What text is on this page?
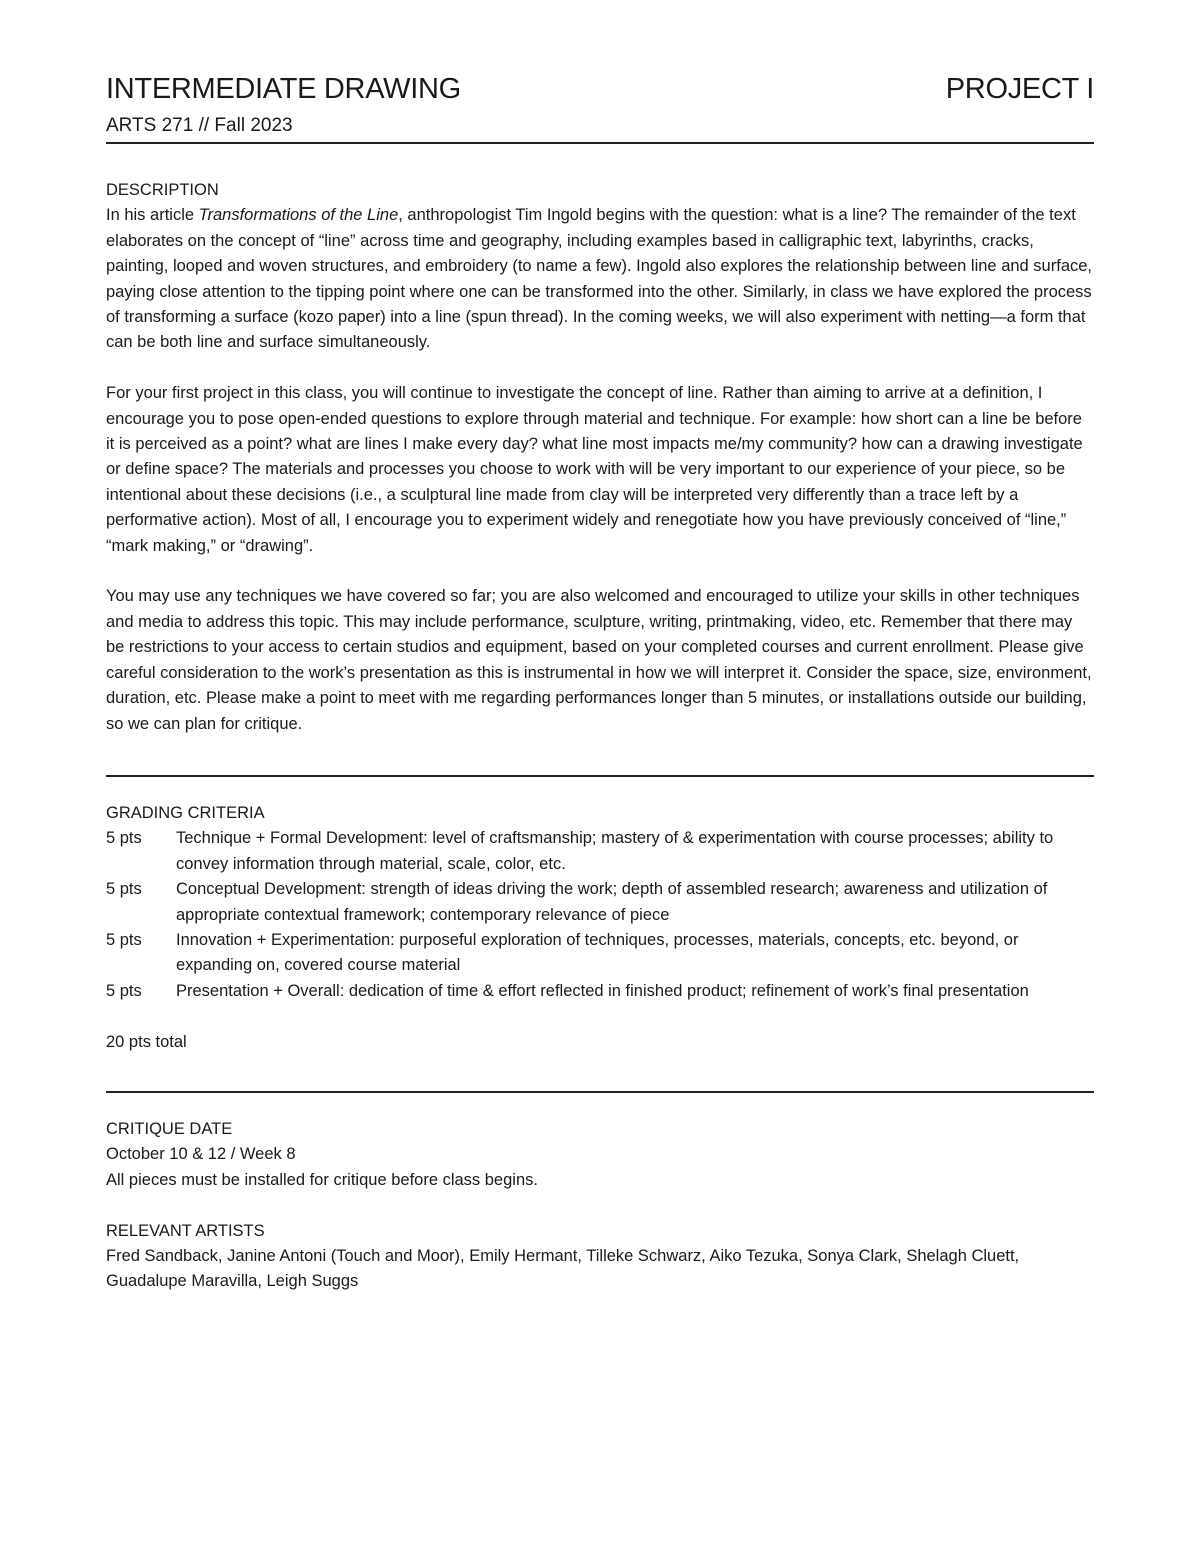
INTERMEDIATE DRAWING	PROJECT I
ARTS 271 // Fall 2023
DESCRIPTION

In his article Transformations of the Line, anthropologist Tim Ingold begins with the question: what is a line? The remainder of the text elaborates on the concept of “line” across time and geography, including examples based in calligraphic text, labyrinths, cracks, painting, looped and woven structures, and embroidery (to name a few). Ingold also explores the relationship between line and surface, paying close attention to the tipping point where one can be transformed into the other. Similarly, in class we have explored the process of transforming a surface (kozo paper) into a line (spun thread). In the coming weeks, we will also experiment with netting—a form that can be both line and surface simultaneously.

For your first project in this class, you will continue to investigate the concept of line. Rather than aiming to arrive at a definition, I encourage you to pose open-ended questions to explore through material and technique. For example: how short can a line be before it is perceived as a point? what are lines I make every day? what line most impacts me/my community? how can a drawing investigate or define space? The materials and processes you choose to work with will be very important to our experience of your piece, so be intentional about these decisions (i.e., a sculptural line made from clay will be interpreted very differently than a trace left by a performative action). Most of all, I encourage you to experiment widely and renegotiate how you have previously conceived of “line,” “mark making,” or “drawing”.

You may use any techniques we have covered so far; you are also welcomed and encouraged to utilize your skills in other techniques and media to address this topic. This may include performance, sculpture, writing, printmaking, video, etc. Remember that there may be restrictions to your access to certain studios and equipment, based on your completed courses and current enrollment. Please give careful consideration to the work’s presentation as this is instrumental in how we will interpret it. Consider the space, size, environment, duration, etc. Please make a point to meet with me regarding performances longer than 5 minutes, or installations outside our building, so we can plan for critique.

GRADING CRITERIA
5 pts	Technique + Formal Development: level of craftsmanship; mastery of & experimentation with course processes; ability to convey information through material, scale, color, etc.
5 pts	Conceptual Development: strength of ideas driving the work; depth of assembled research; awareness and utilization of appropriate contextual framework; contemporary relevance of piece
5 pts	Innovation + Experimentation: purposeful exploration of techniques, processes, materials, concepts, etc. beyond, or expanding on, covered course material
5 pts	Presentation + Overall: dedication of time & effort reflected in finished product; refinement of work’s final presentation
20 pts total
CRITIQUE DATE
October 10 & 12 / Week 8
All pieces must be installed for critique before class begins.
RELEVANT ARTISTS

Fred Sandback, Janine Antoni (Touch and Moor), Emily Hermant, Tilleke Schwarz, Aiko Tezuka, Sonya Clark, Shelagh Cluett, Guadalupe Maravilla, Leigh Suggs
